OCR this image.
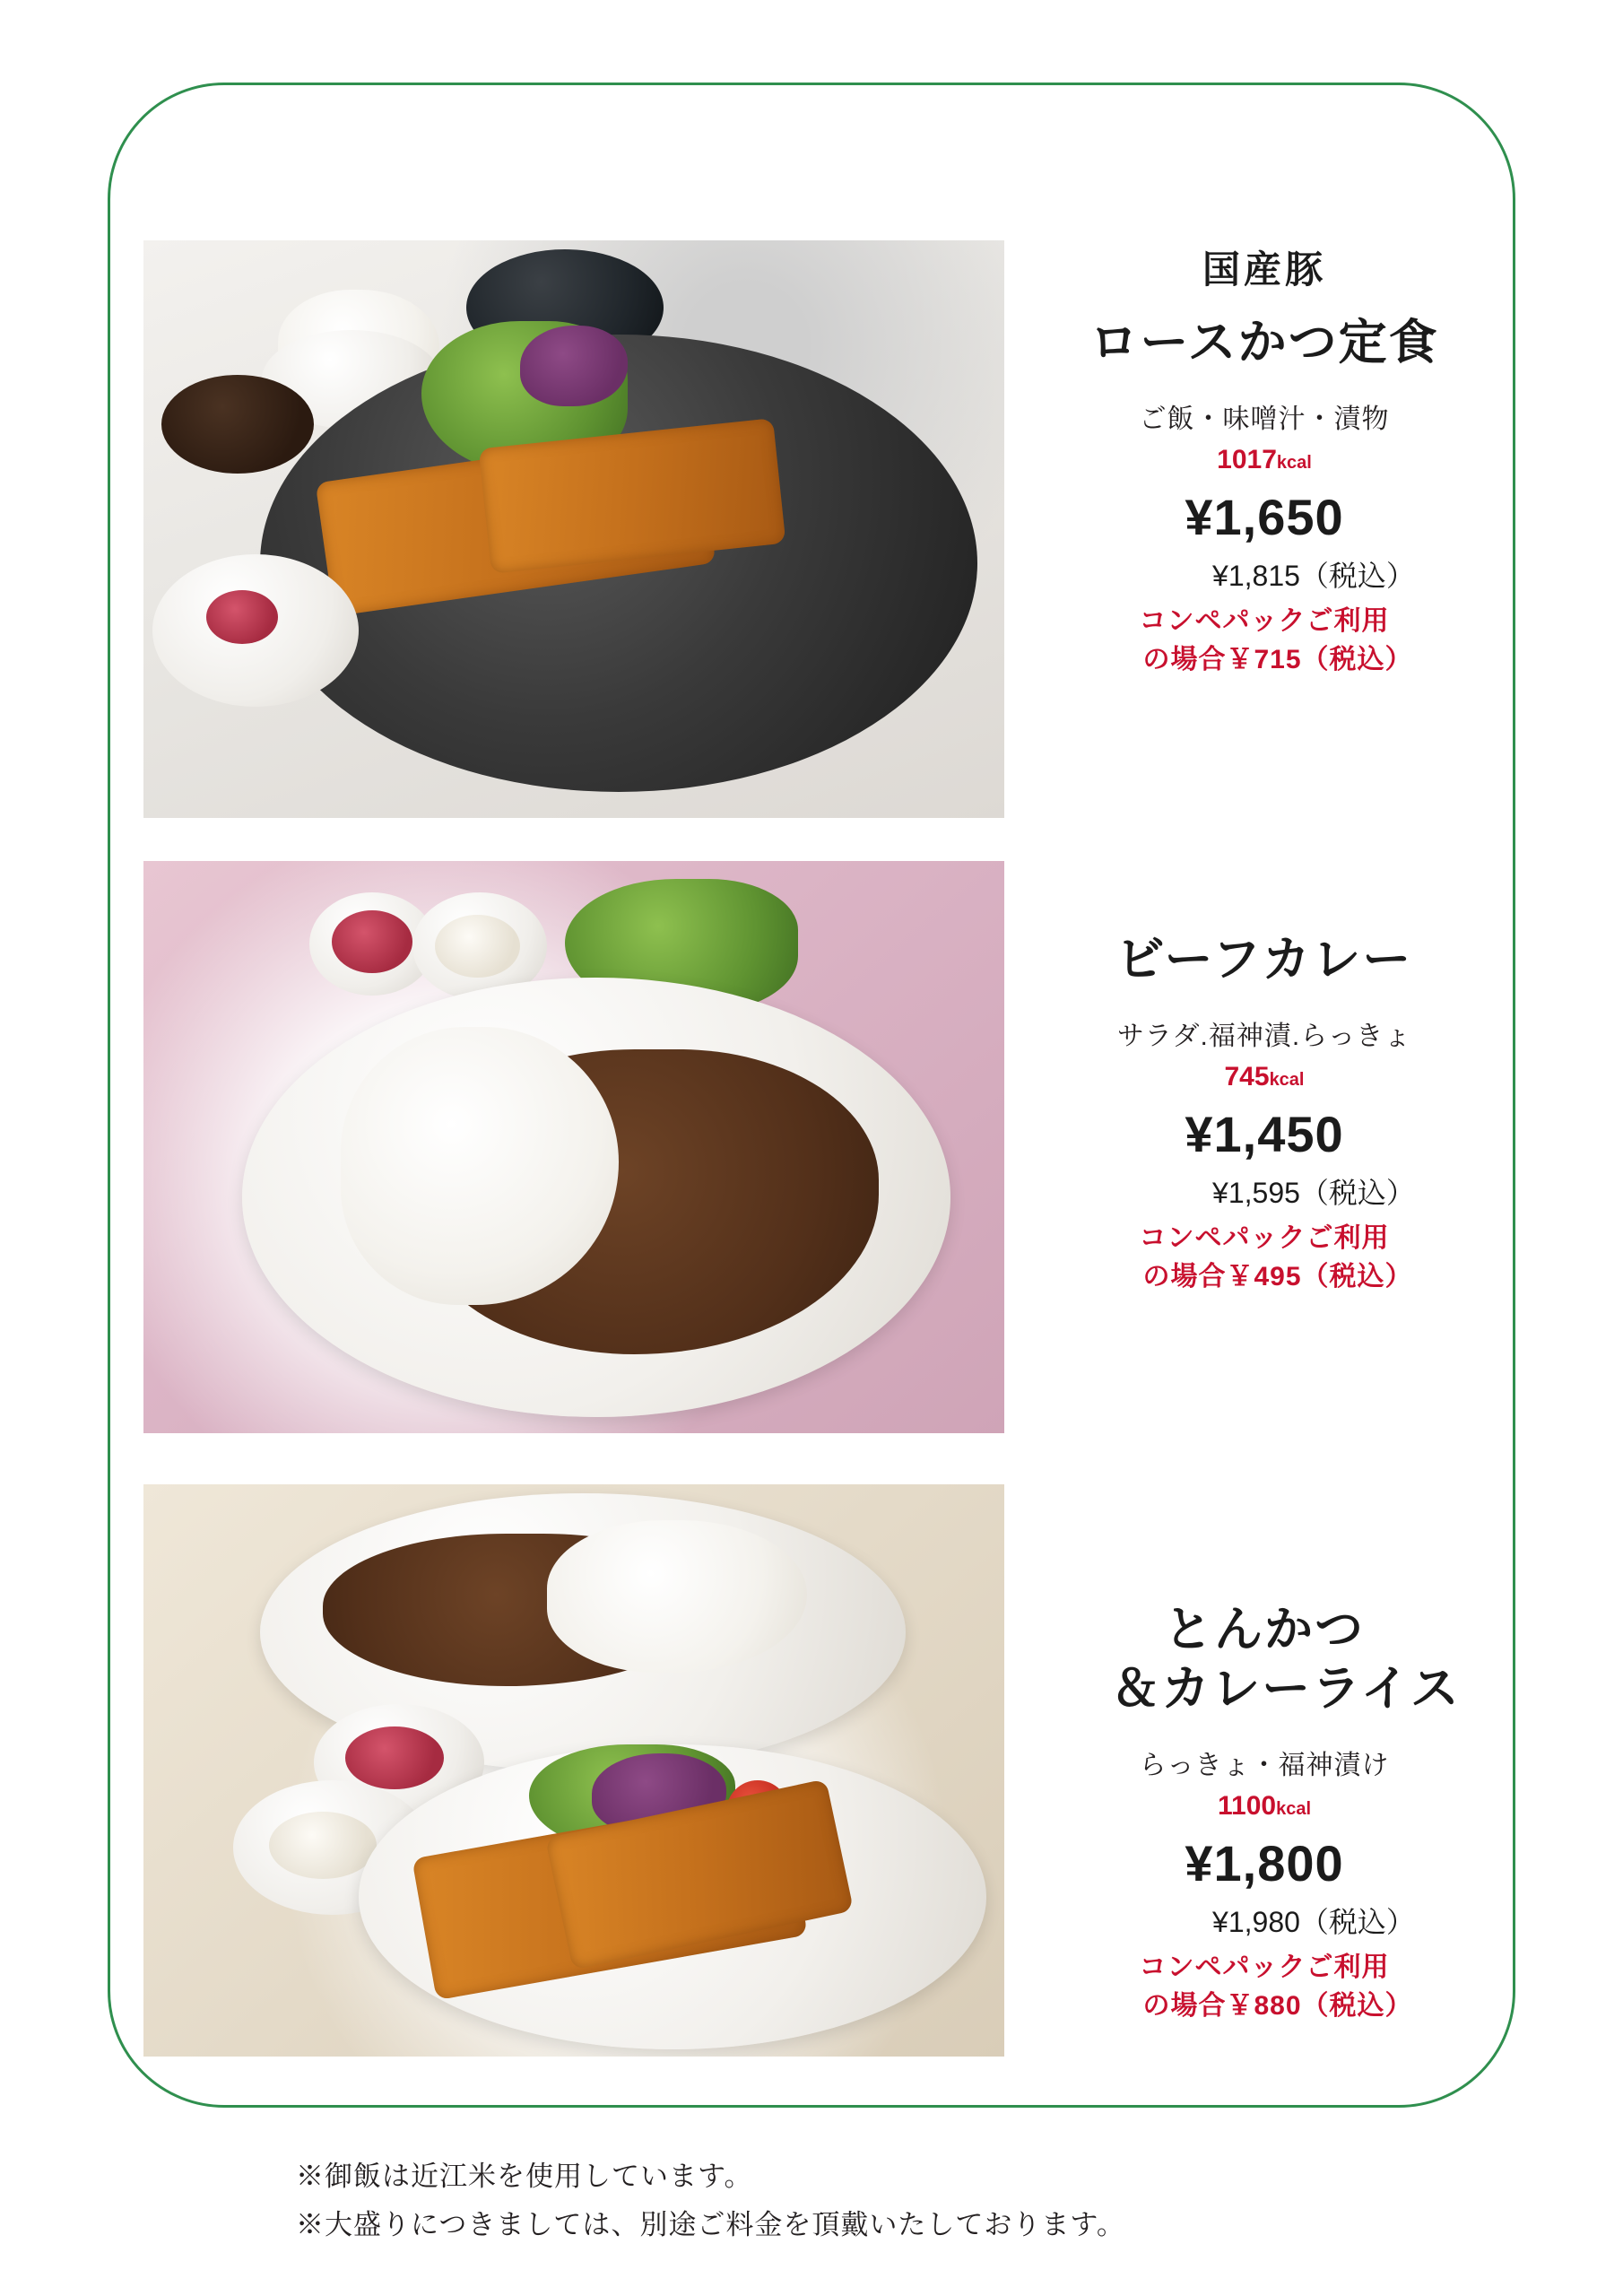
国産豚

ロースかつ定食

ご飯・味噌汁・漬物

1017kcal

¥1,650

¥1,815（税込）

コンペパックご利用
の場合￥715（税込）

ビーフカレー

サラダ.福神漬.らっきょ

745kcal

¥1,450

¥1,595（税込）

コンペパックご利用
の場合￥495（税込）

とんかつ
＆カレーライス

らっきょ・福神漬け

1100kcal

¥1,800

¥1,980（税込）

コンペパックご利用
の場合￥880（税込）

※御飯は近江米を使用しています。

※大盛りにつきましては、別途ご料金を頂戴いたしております。
